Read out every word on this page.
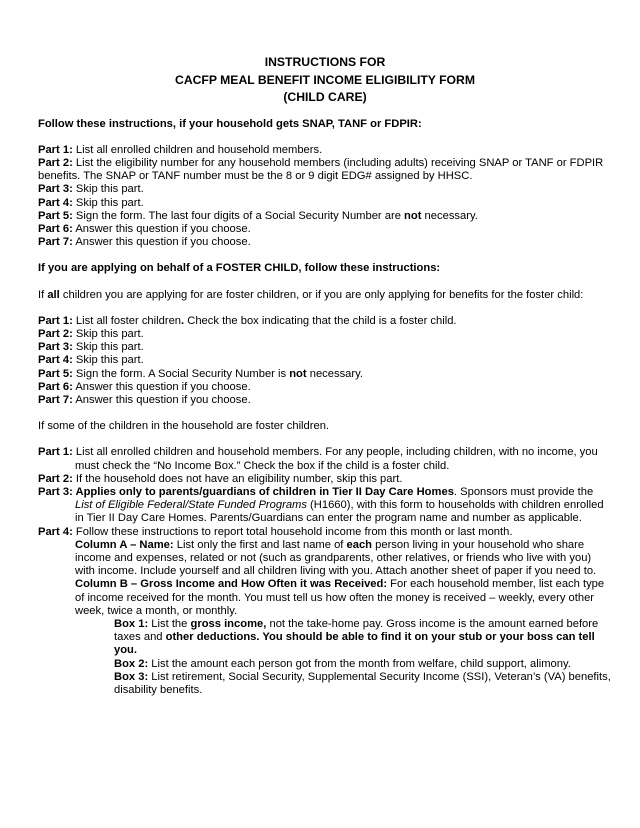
INSTRUCTIONS FOR
CACFP MEAL BENEFIT INCOME ELIGIBILITY FORM
(CHILD CARE)
Follow these instructions, if your household gets SNAP, TANF or FDPIR:
Part 1: List all enrolled children and household members.
Part 2: List the eligibility number for any household members (including adults) receiving SNAP or TANF or FDPIR benefits. The SNAP or TANF number must be the 8 or 9 digit EDG# assigned by HHSC.
Part 3: Skip this part.
Part 4: Skip this part.
Part 5: Sign the form. The last four digits of a Social Security Number are not necessary.
Part 6: Answer this question if you choose.
Part 7: Answer this question if you choose.
If you are applying on behalf of a FOSTER CHILD, follow these instructions:
If all children you are applying for are foster children, or if you are only applying for benefits for the foster child:
Part 1: List all foster children. Check the box indicating that the child is a foster child.
Part 2: Skip this part.
Part 3: Skip this part.
Part 4: Skip this part.
Part 5: Sign the form. A Social Security Number is not necessary.
Part 6: Answer this question if you choose.
Part 7: Answer this question if you choose.
If some of the children in the household are foster children.
Part 1: List all enrolled children and household members. For any people, including children, with no income, you must check the “No Income Box.” Check the box if the child is a foster child.
Part 2: If the household does not have an eligibility number, skip this part.
Part 3: Applies only to parents/guardians of children in Tier II Day Care Homes. Sponsors must provide the List of Eligible Federal/State Funded Programs (H1660), with this form to households with children enrolled in Tier II Day Care Homes. Parents/Guardians can enter the program name and number as applicable.
Part 4: Follow these instructions to report total household income from this month or last month.
Column A – Name: List only the first and last name of each person living in your household who share income and expenses, related or not (such as grandparents, other relatives, or friends who live with you) with income. Include yourself and all children living with you. Attach another sheet of paper if you need to.
Column B – Gross Income and How Often it was Received: For each household member, list each type of income received for the month. You must tell us how often the money is received – weekly, every other week, twice a month, or monthly.
Box 1: List the gross income, not the take-home pay. Gross income is the amount earned before taxes and other deductions. You should be able to find it on your stub or your boss can tell you.
Box 2: List the amount each person got from the month from welfare, child support, alimony.
Box 3: List retirement, Social Security, Supplemental Security Income (SSI), Veteran’s (VA) benefits, disability benefits.
